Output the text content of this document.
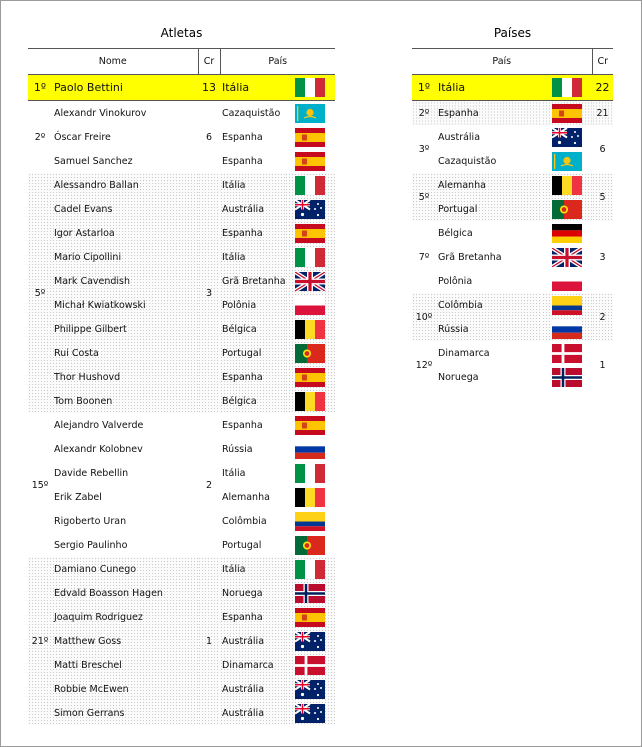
Atletas
Nome		Cr	País	
1º	Paolo Bettini	13	Itália	
2º	Alexandr Vinokurov	6	Cazaquistão	
	Óscar Freire		Espanha	
	Samuel Sanchez		Espanha	
5º	Alessandro Ballan	3	Itália	
	Cadel Evans		Austrália	
	Igor Astarloa		Espanha	
	Mario Cipollini		Itália	
	Mark Cavendish		Grã Bretanha	
	Michał Kwiatkowski		Polônia	
	Philippe Gilbert		Bélgica	
	Rui Costa		Portugal	
	Thor Hushovd		Espanha	
	Tom Boonen		Bélgica	
15º	Alejandro Valverde	2	Espanha	
	Alexandr Kolobnev		Rússia	
	Davide Rebellin		Itália	
	Erik Zabel		Alemanha	
	Rigoberto Uran		Colômbia	
	Sergio Paulinho		Portugal	
21º	Damiano Cunego	1	Itália	
	Edvald Boasson Hagen		Noruega	
	Joaquim Rodriguez		Espanha	
	Matthew Goss		Austrália	
	Matti Breschel		Dinamarca	
	Robbie McEwen		Austrália	
	Simon Gerrans		Austrália	
Países
País			Cr
1º	Itália		22
2º	Espanha		21
3º	Austrália		6
	Cazaquistão	
5º	Alemanha		5
	Portugal	
7º	Bélgica		3
	Grã Bretanha	
	Polônia	
10º	Colômbia		2
	Rússia	
12º	Dinamarca		1
	Noruega	
